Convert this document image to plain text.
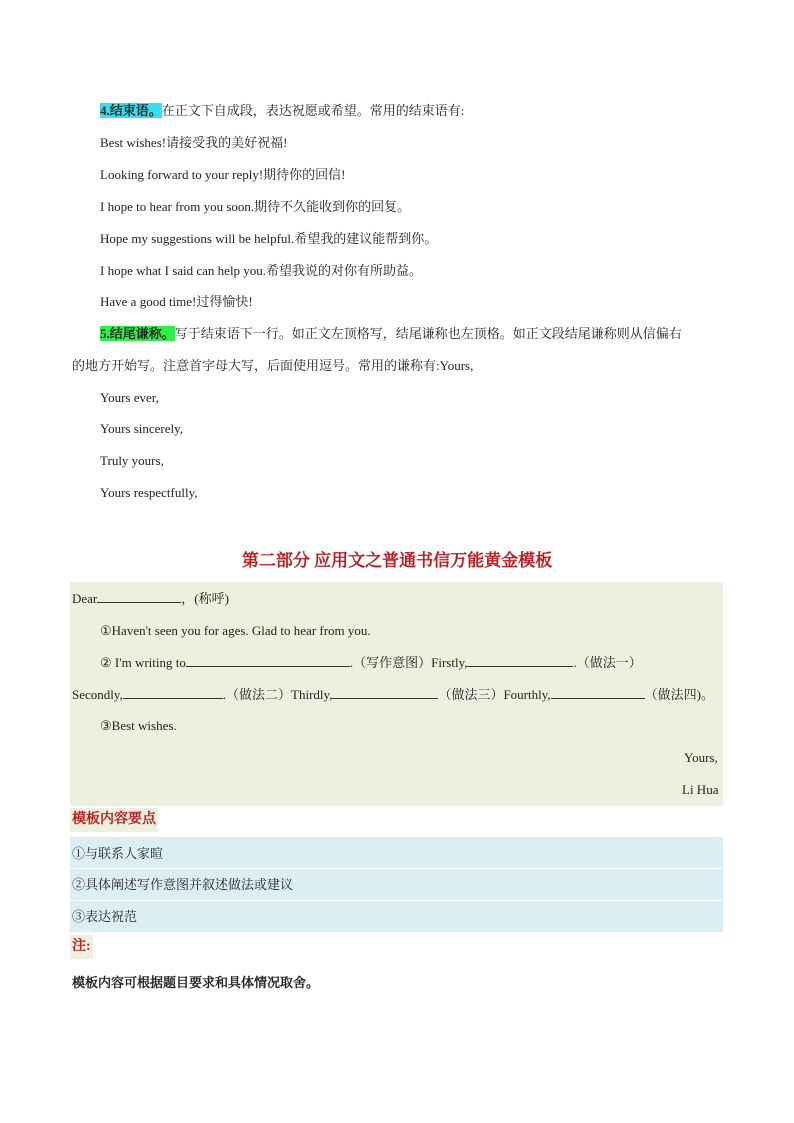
4.结束语。在正文下自成段，表达祝愿或希望。常用的结束语有:
Best wishes!请接受我的美好祝福!
Looking forward to your reply!期待你的回信!
I hope to hear from you soon.期待不久能收到你的回复。
Hope my suggestions will be helpful.希望我的建议能帮到你。
I hope what I said can help you.希望我说的对你有所助益。
Have a good time!过得愉快!
5.结尾谦称。写于结束语下一行。如正文左顶格写，结尾谦称也左顶格。如正文段结尾谦称则从信偏右
的地方开始写。注意首字母大写，后面使用逗号。常用的谦称有:Yours,
Yours ever,
Yours sincerely,
Truly yours,
Yours respectfully,
第二部分 应用文之普通书信万能黄金模板
Dear	，(称呼)
①Haven't seen you for ages. Glad to hear from you.
② I'm writing to	.（写作意图）Firstly,	.（做法一）
Secondly,	.（做法二）Thirdly,	（做法三）Fourthly,	（做法四)。
③Best wishes.
Yours,
Li Hua
模板内容要点
①与联系人家暄
②具体阐述写作意图并叙述做法或建议
③表达祝范
注:
模板内容可根据题目要求和具体情况取舍。
